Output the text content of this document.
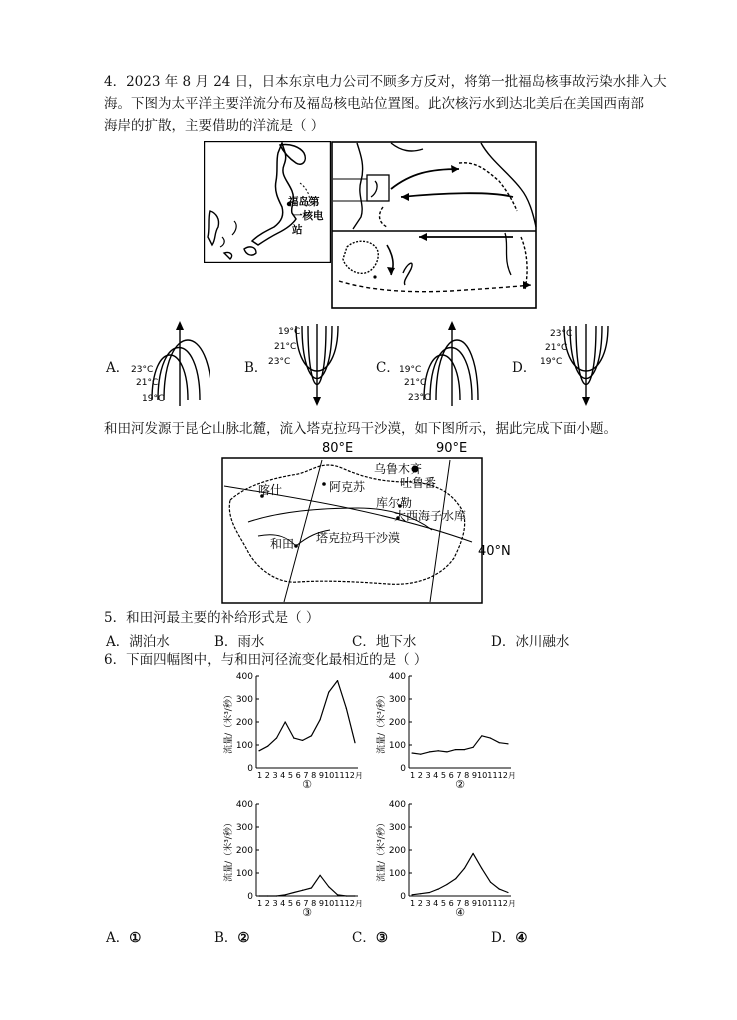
4．2023 年 8 月 24 日，日本东京电力公司不顾多方反对，将第一批福岛核事故污染水排入大
海。下图为太平洋主要洋流分布及福岛核电站位置图。此次核污水到达北美后在美国西南部
海岸的扩散，主要借助的洋流是（ ）
福岛第
一核电
站
A． 23°C
21°C
19°C
B．
19°C
21°C
23°C	C． 19°C
21°C
23°C
D．
23°C
21°C
19°C
和田河发源于昆仑山脉北麓，流入塔克拉玛干沙漠，如下图所示，据此完成下面小题。
80°E	90°E
40°N
乌鲁木齐
阿克苏	吐鲁番
喀什
库尔勒
大西海子水库
和田 塔克拉玛干沙漠
5．和田河最主要的补给形式是（ ）
A．湖泊水	B．雨水	C．地下水	D．冰川融水
6．下面四幅图中，与和田河径流变化最相近的是（ ）
0
100
200
300
400
1 2 3 4 5 6 7 8 9101112月
流量/（米³/秒）
①
0
100
200
300
400
1 2 3 4 5 6 7 8 9101112月
流量/（米³/秒）
②
0
100
200
300
400
1 2 3 4 5 6 7 8 9101112月
流量/（米³/秒）
③
0
100
200
300
400
1 2 3 4 5 6 7 8 9101112月
流量/（米³/秒）
④
A．①	B．②	C．③	D．④
